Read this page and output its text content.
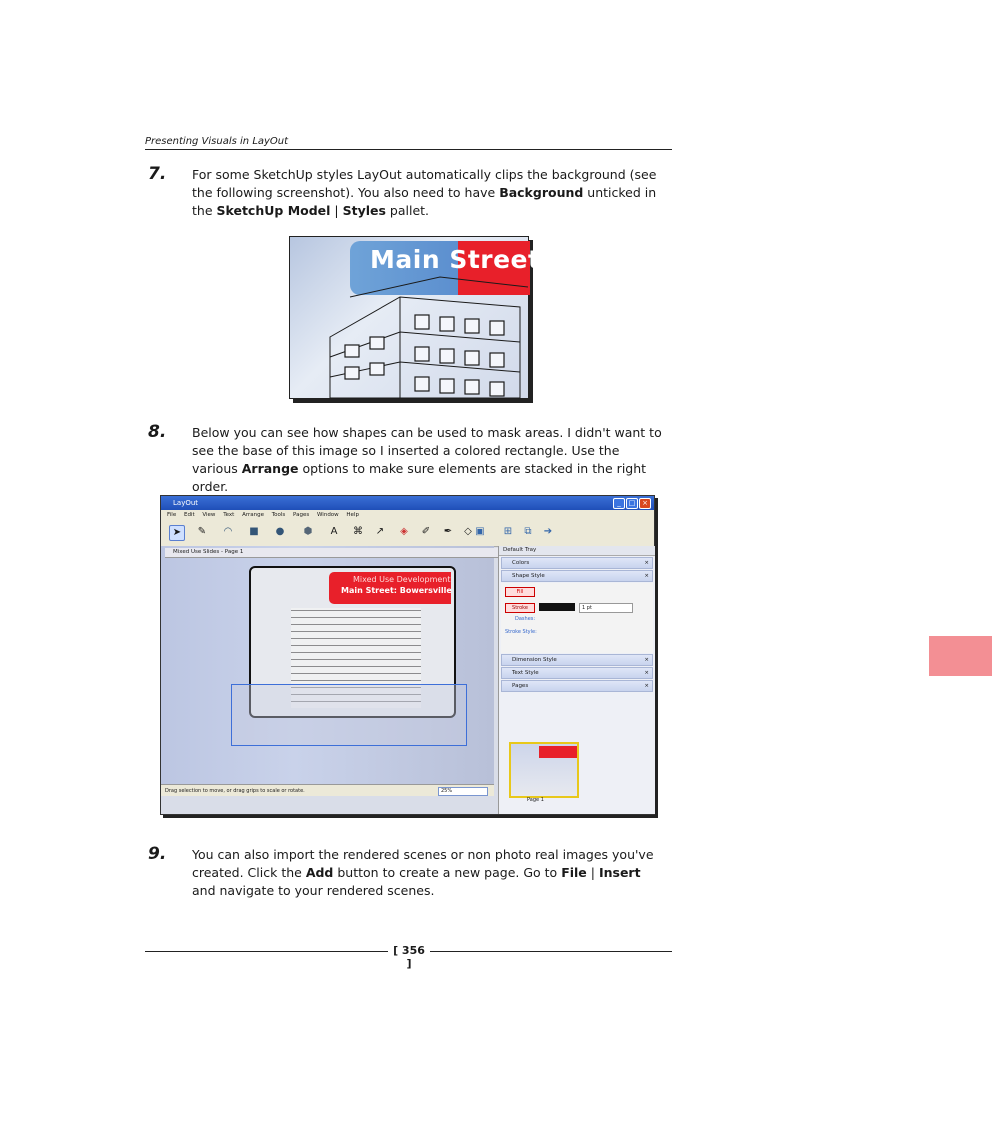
Presenting Visuals in LayOut
7. For some SketchUp styles LayOut automatically clips the background (see the following screenshot). You also need to have Background unticked in the SketchUp Model | Styles pallet.
Main Street: B
8. Below you can see how shapes can be used to mask areas. I didn't want to see the base of this image so I inserted a colored rectangle. Use the various Arrange options to make sure elements are stacked in the right order.
LayOut	_ □ ×
File Edit View Text Arrange Tools Pages Window Help
➤	✎ ◠ ■ ● ⬢	A	⌘ ↗	◈	✐ ✒	◇ ▣ ⊞	⧉	➔
Mixed Use Slides - Page 1
Mixed Use Development
Main Street: Bowersville
Drag selection to move, or drag grips to scale or rotate.	25%
Default Tray
Colors	×
Shape Style	×
Fill
Stroke	1 pt
Dashes:
Stroke Style:
Dimension Style	×
Text Style	×
Pages	×
Page 1
9. You can also import the rendered scenes or non photo real images you've created. Click the Add button to create a new page. Go to File | Insert and navigate to your rendered scenes.
[ 356 ]
